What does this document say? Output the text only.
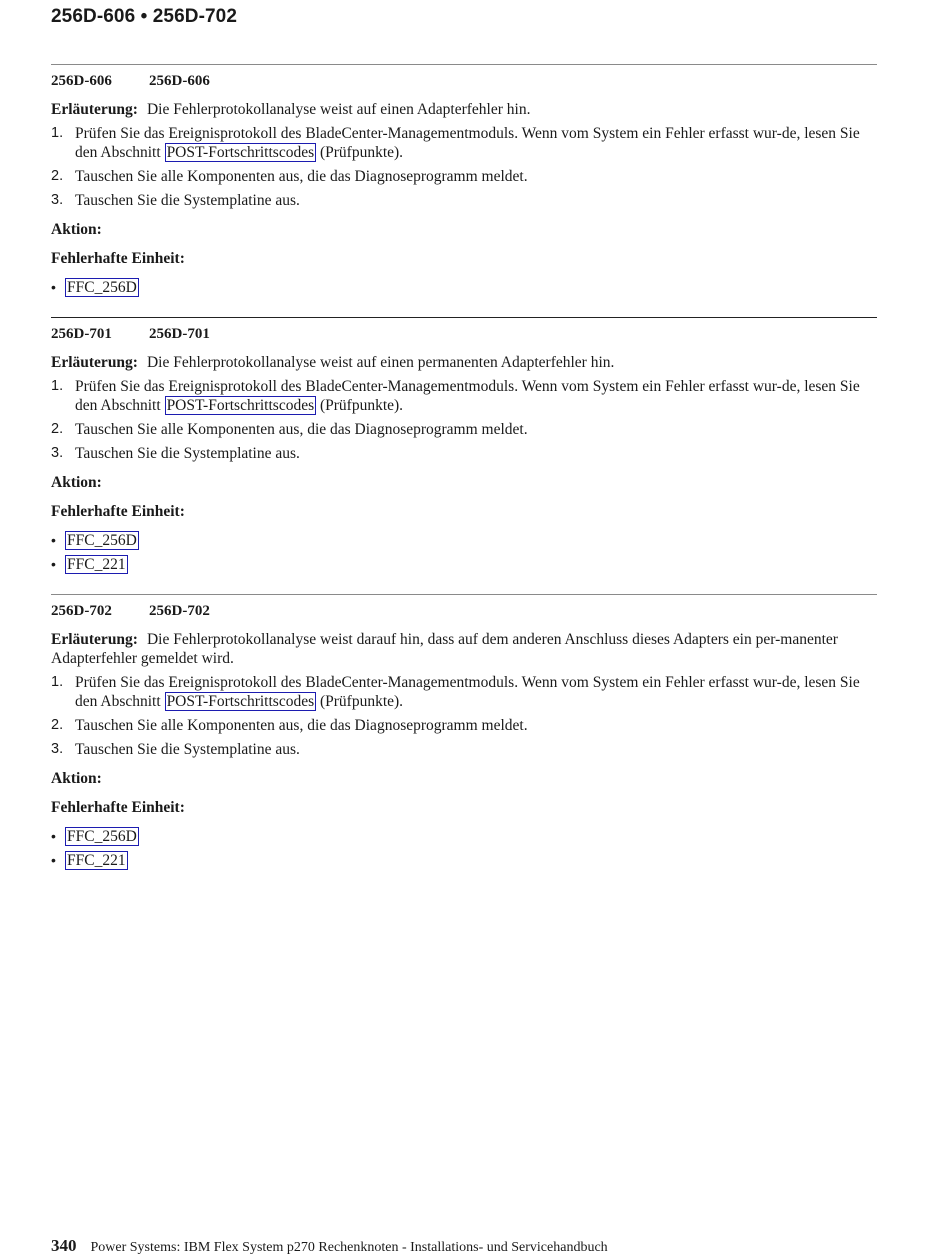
256D-606 • 256D-702
256D-606 256D-606

Erläuterung: Die Fehlerprotokollanalyse weist auf einen Adapterfehler hin.

1. Prüfen Sie das Ereignisprotokoll des BladeCenter-Managementmoduls. Wenn vom System ein Fehler erfasst wur-de, lesen Sie den Abschnitt POST-Fortschrittscodes (Prüfpunkte).
2. Tauschen Sie alle Komponenten aus, die das Diagnoseprogramm meldet.
3. Tauschen Sie die Systemplatine aus.
Aktion:
Fehlerhafte Einheit:
• FFC_256D
256D-701 256D-701

Erläuterung: Die Fehlerprotokollanalyse weist auf einen permanenten Adapterfehler hin.

1. Prüfen Sie das Ereignisprotokoll des BladeCenter-Managementmoduls. Wenn vom System ein Fehler erfasst wur-de, lesen Sie den Abschnitt POST-Fortschrittscodes (Prüfpunkte).
2. Tauschen Sie alle Komponenten aus, die das Diagnoseprogramm meldet.
3. Tauschen Sie die Systemplatine aus.
Aktion:
Fehlerhafte Einheit:
• FFC_256D
• FFC_221
256D-702 256D-702

Erläuterung: Die Fehlerprotokollanalyse weist darauf hin, dass auf dem anderen Anschluss dieses Adapters ein per-manenter Adapterfehler gemeldet wird.

1. Prüfen Sie das Ereignisprotokoll des BladeCenter-Managementmoduls. Wenn vom System ein Fehler erfasst wur-de, lesen Sie den Abschnitt POST-Fortschrittscodes (Prüfpunkte).
2. Tauschen Sie alle Komponenten aus, die das Diagnoseprogramm meldet.
3. Tauschen Sie die Systemplatine aus.
Aktion:
Fehlerhafte Einheit:
• FFC_256D
• FFC_221
340 Power Systems: IBM Flex System p270 Rechenknoten - Installations- und Servicehandbuch
